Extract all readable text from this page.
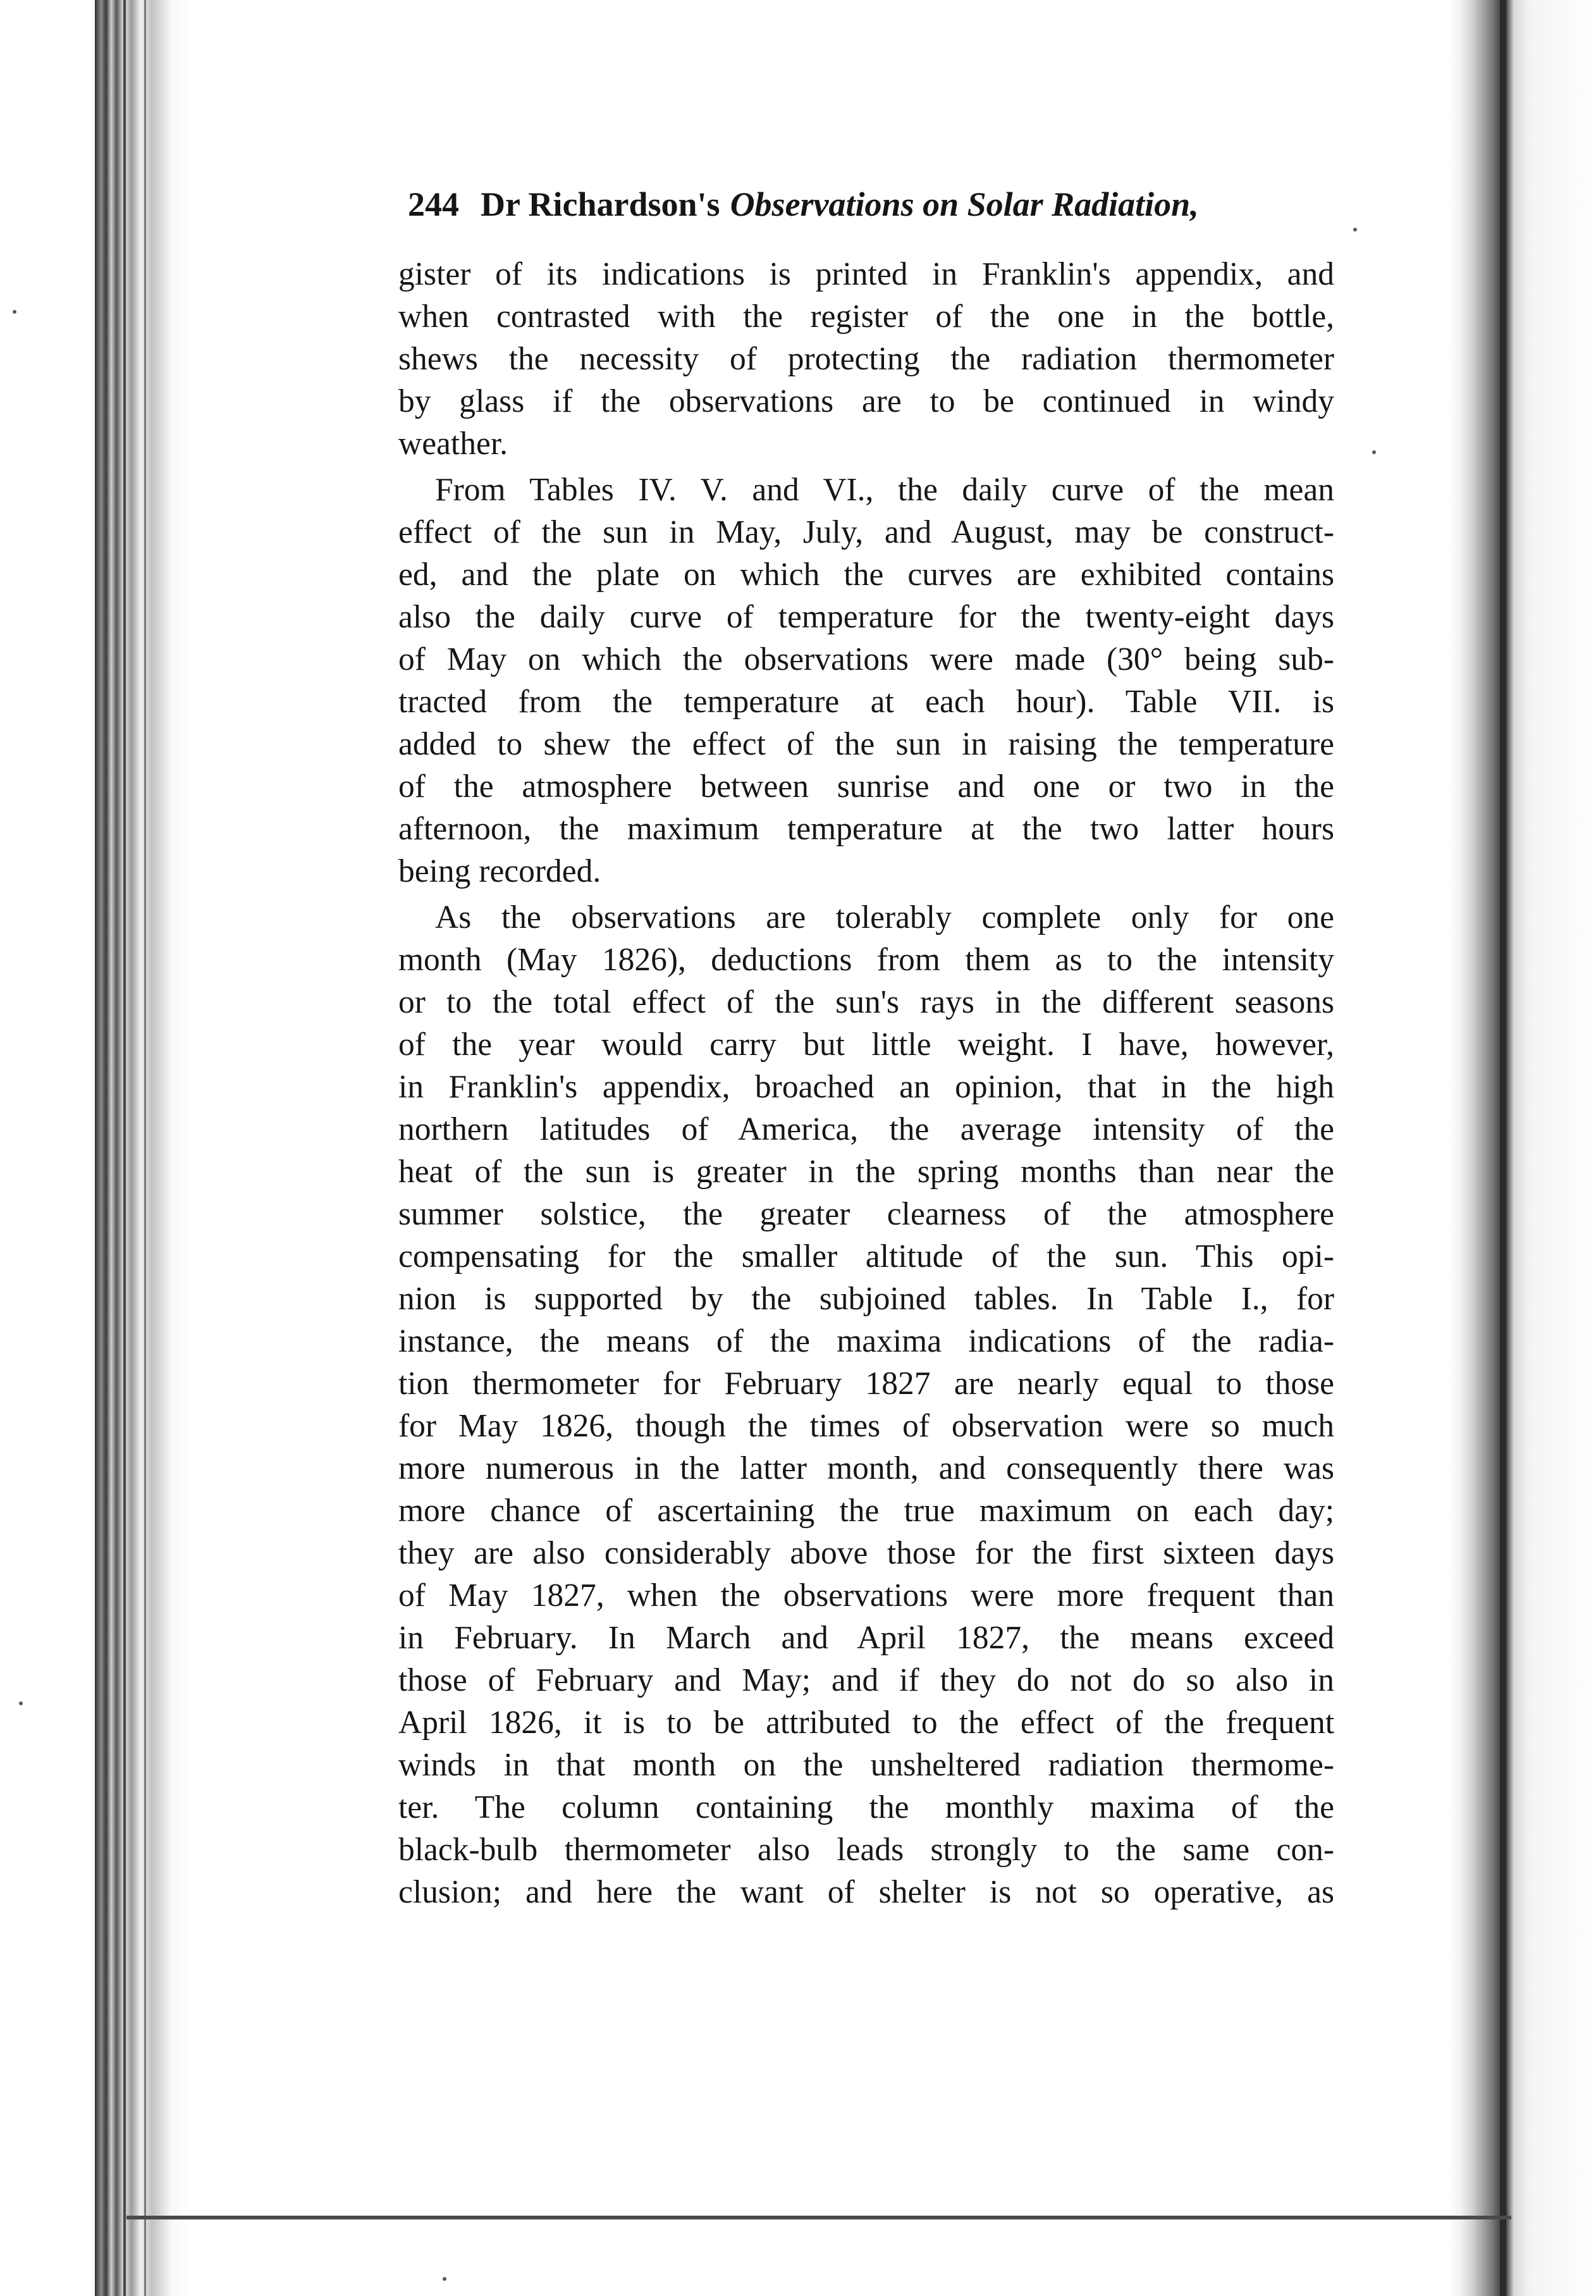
244 Dr Richardson's Observations on Solar Radiation,
gister of its indications is printed in Franklin's appendix, and
when contrasted with the register of the one in the bottle,
shews the necessity of protecting the radiation thermometer
by glass if the observations are to be continued in windy
weather.
From Tables IV. V. and VI., the daily curve of the mean
effect of the sun in May, July, and August, may be construct-
ed, and the plate on which the curves are exhibited contains
also the daily curve of temperature for the twenty-eight days
of May on which the observations were made (30° being sub-
tracted from the temperature at each hour). Table VII. is
added to shew the effect of the sun in raising the temperature
of the atmosphere between sunrise and one or two in the
afternoon, the maximum temperature at the two latter hours
being recorded.
As the observations are tolerably complete only for one
month (May 1826), deductions from them as to the intensity
or to the total effect of the sun's rays in the different seasons
of the year would carry but little weight. I have, however,
in Franklin's appendix, broached an opinion, that in the high
northern latitudes of America, the average intensity of the
heat of the sun is greater in the spring months than near the
summer solstice, the greater clearness of the atmosphere
compensating for the smaller altitude of the sun. This opi-
nion is supported by the subjoined tables. In Table I., for
instance, the means of the maxima indications of the radia-
tion thermometer for February 1827 are nearly equal to those
for May 1826, though the times of observation were so much
more numerous in the latter month, and consequently there was
more chance of ascertaining the true maximum on each day;
they are also considerably above those for the first sixteen days
of May 1827, when the observations were more frequent than
in February. In March and April 1827, the means exceed
those of February and May; and if they do not do so also in
April 1826, it is to be attributed to the effect of the frequent
winds in that month on the unsheltered radiation thermome-
ter. The column containing the monthly maxima of the
black-bulb thermometer also leads strongly to the same con-
clusion; and here the want of shelter is not so operative, as
